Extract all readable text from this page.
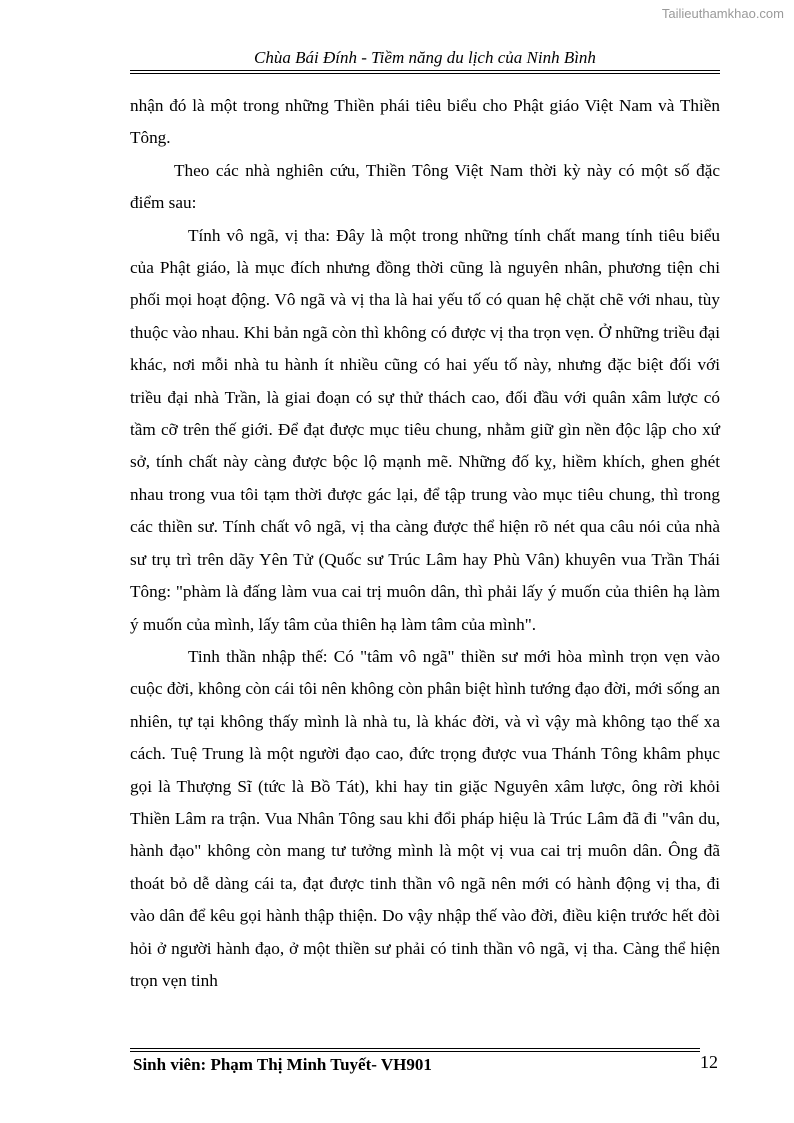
Tailieuthamkhao.com
Chùa Bái Đính - Tiềm năng du lịch của Ninh Bình

nhận đó là một trong những Thiền phái tiêu biểu cho Phật giáo Việt Nam và Thiền Tông.

Theo các nhà nghiên cứu, Thiền Tông Việt Nam thời kỳ này có một số đặc điểm sau:

Tính vô ngã, vị tha: Đây là một trong những tính chất mang tính tiêu biểu của Phật giáo, là mục đích nhưng đồng thời cũng là nguyên nhân, phương tiện chi phối mọi hoạt động. Vô ngã và vị tha là hai yếu tố có quan hệ chặt chẽ với nhau, tùy thuộc vào nhau. Khi bản ngã còn thì không có được vị tha trọn vẹn. Ở những triều đại khác, nơi mỗi nhà tu hành ít nhiều cũng có hai yếu tố này, nhưng đặc biệt đối với triều đại nhà Trần, là giai đoạn có sự thử thách cao, đối đầu với quân xâm lược có tầm cỡ trên thế giới. Để đạt được mục tiêu chung, nhằm giữ gìn nền độc lập cho xứ sở, tính chất này càng được bộc lộ mạnh mẽ. Những đố kỵ, hiềm khích, ghen ghét nhau trong vua tôi tạm thời được gác lại, để tập trung vào mục tiêu chung, thì trong các thiền sư. Tính chất vô ngã, vị tha càng được thể hiện rõ nét qua câu nói của nhà sư trụ trì trên dãy Yên Tử (Quốc sư Trúc Lâm hay Phù Vân) khuyên vua Trần Thái Tông: "phàm là đấng làm vua cai trị muôn dân, thì phải lấy ý muốn của thiên hạ làm ý muốn của mình, lấy tâm của thiên hạ làm tâm của mình".

Tinh thần nhập thế: Có "tâm vô ngã" thiền sư mới hòa mình trọn vẹn vào cuộc đời, không còn cái tôi nên không còn phân biệt hình tướng đạo đời, mới sống an nhiên, tự tại không thấy mình là nhà tu, là khác đời, và vì vậy mà không tạo thế xa cách. Tuệ Trung là một người đạo cao, đức trọng được vua Thánh Tông khâm phục gọi là Thượng Sĩ (tức là Bồ Tát), khi hay tin giặc Nguyên xâm lược, ông rời khỏi Thiền Lâm ra trận. Vua Nhân Tông sau khi đổi pháp hiệu là Trúc Lâm đã đi "vân du, hành đạo" không còn mang tư tưởng mình là một vị vua cai trị muôn dân. Ông đã thoát bỏ dễ dàng cái ta, đạt được tinh thần vô ngã nên mới có hành động vị tha, đi vào dân để kêu gọi hành thập thiện. Do vậy nhập thế vào đời, điều kiện trước hết đòi hỏi ở người hành đạo, ở một thiền sư phải có tinh thần vô ngã, vị tha. Càng thể hiện trọn vẹn tinh

Sinh viên: Phạm Thị Minh Tuyết- VH901	12
